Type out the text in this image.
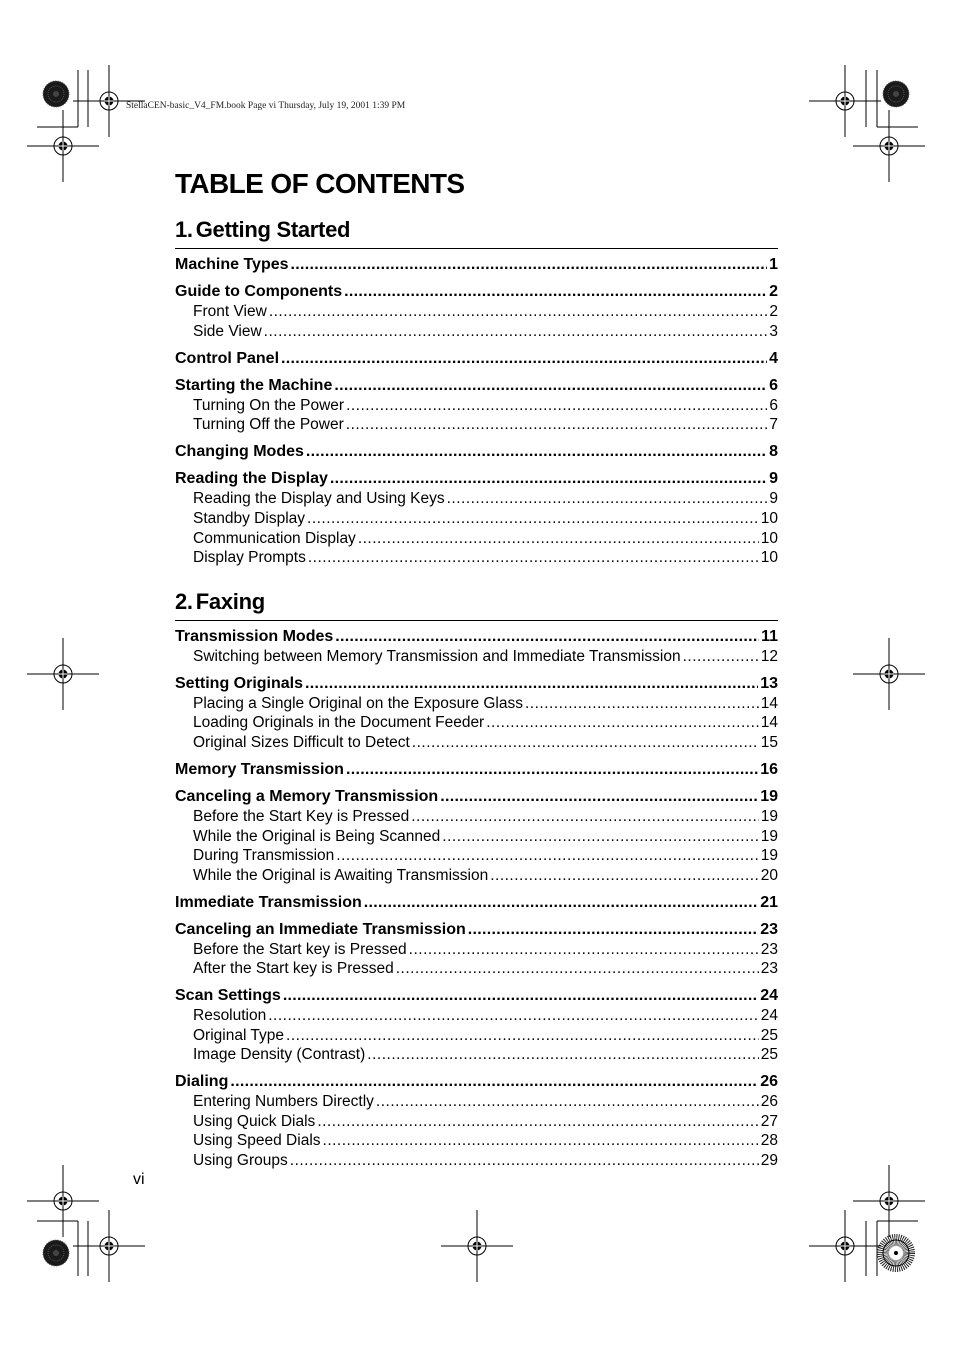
StellaCEN-basic_V4_FM.book Page vi Thursday, July 19, 2001 1:39 PM
TABLE OF CONTENTS
1. Getting Started
Machine Types .....	1
Guide to Components .....	2
Front View .....	2
Side View .....	3
Control Panel .....	4
Starting the Machine .....	6
Turning On the Power .....	6
Turning Off the Power .....	7
Changing Modes .....	8
Reading the Display .....	9
Reading the Display and Using Keys .....	9
Standby Display .....	10
Communication Display .....	10
Display Prompts .....	10
2. Faxing
Transmission Modes .....	11
Switching between Memory Transmission and Immediate Transmission .....	12
Setting Originals .....	13
Placing a Single Original on the Exposure Glass .....	14
Loading Originals in the Document Feeder .....	14
Original Sizes Difficult to Detect .....	15
Memory Transmission .....	16
Canceling a Memory Transmission .....	19
Before the Start Key is Pressed .....	19
While the Original is Being Scanned .....	19
During Transmission .....	19
While the Original is Awaiting Transmission .....	20
Immediate Transmission .....	21
Canceling an Immediate Transmission .....	23
Before the Start key is Pressed .....	23
After the Start key is Pressed .....	23
Scan Settings .....	24
Resolution .....	24
Original Type .....	25
Image Density (Contrast) .....	25
Dialing .....	26
Entering Numbers Directly .....	26
Using Quick Dials .....	27
Using Speed Dials .....	28
Using Groups .....	29
vi
